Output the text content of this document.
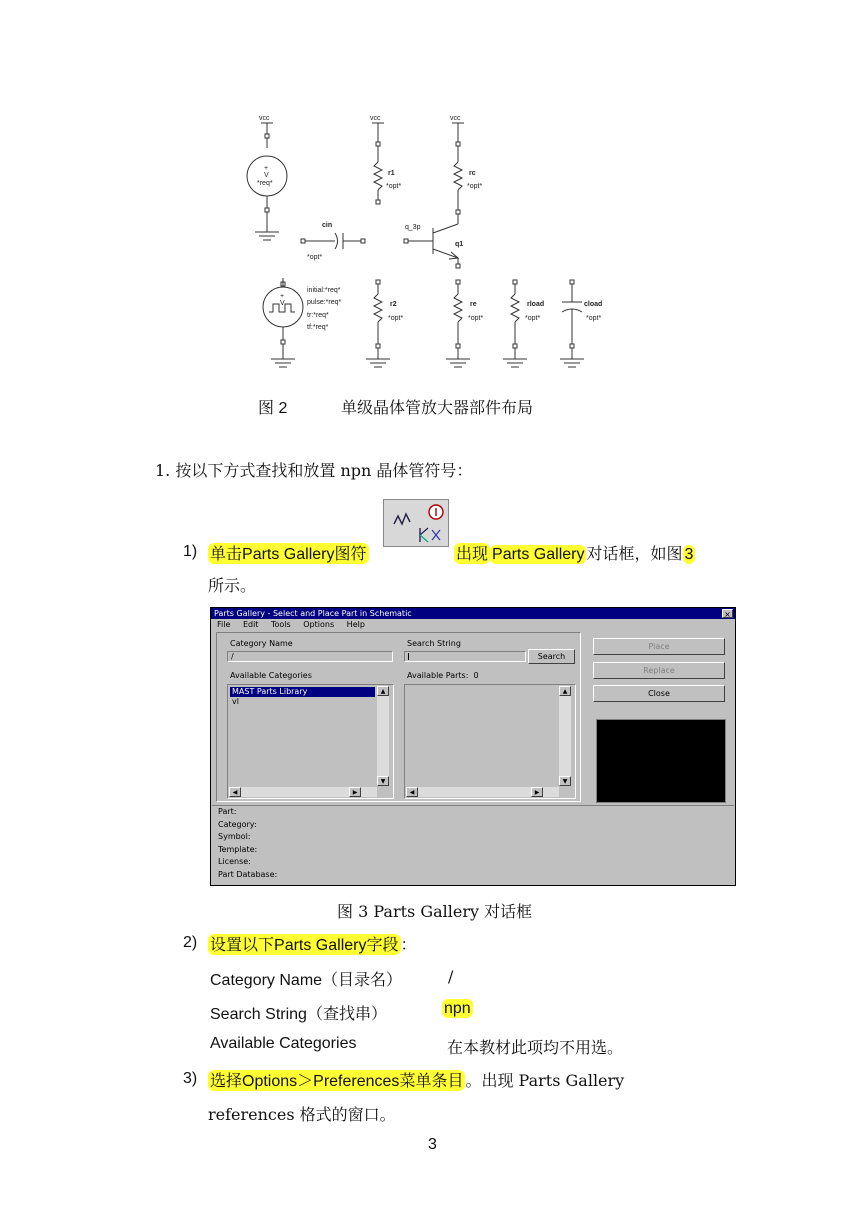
vcc	vcc	vcc
+
V
*req*
r1
*opt*
rc
*opt*
cin
*opt*
q_3p
q1
+
V
initial:*req*
pulse:*req*
tr:*req*
tf:*req*
r2
*opt*
re
*opt*
rload
*opt*
cload
*opt*
图 2	单级晶体管放大器部件布局
1. 按以下方式查找和放置 npn 晶体管符号：
1) 单击Parts Gallery图符	出现 Parts Gallery 对话框，如图 3
所示。
Parts Gallery - Select and Place Part in Schematic	×
File Edit Tools Options Help
Category Name
/
Search String
Search
Available Categories	Available Parts: 0
MAST Parts Library
vl
▲
▼
◀	▶
▲
▼
◀	▶
Place
Replace
Close
Part:
Category:
Symbol:
Template:
License:
Part Database:
图 3 Parts Gallery 对话框
2) 设置以下Parts Gallery字段 ：
Category Name（目录名）	/
Search String（查找串）	npn
Available Categories	在本教材此项均不用选。
3) 选择Options＞Preferences菜单条目 。出现 Parts Gallery
references 格式的窗口。
3
